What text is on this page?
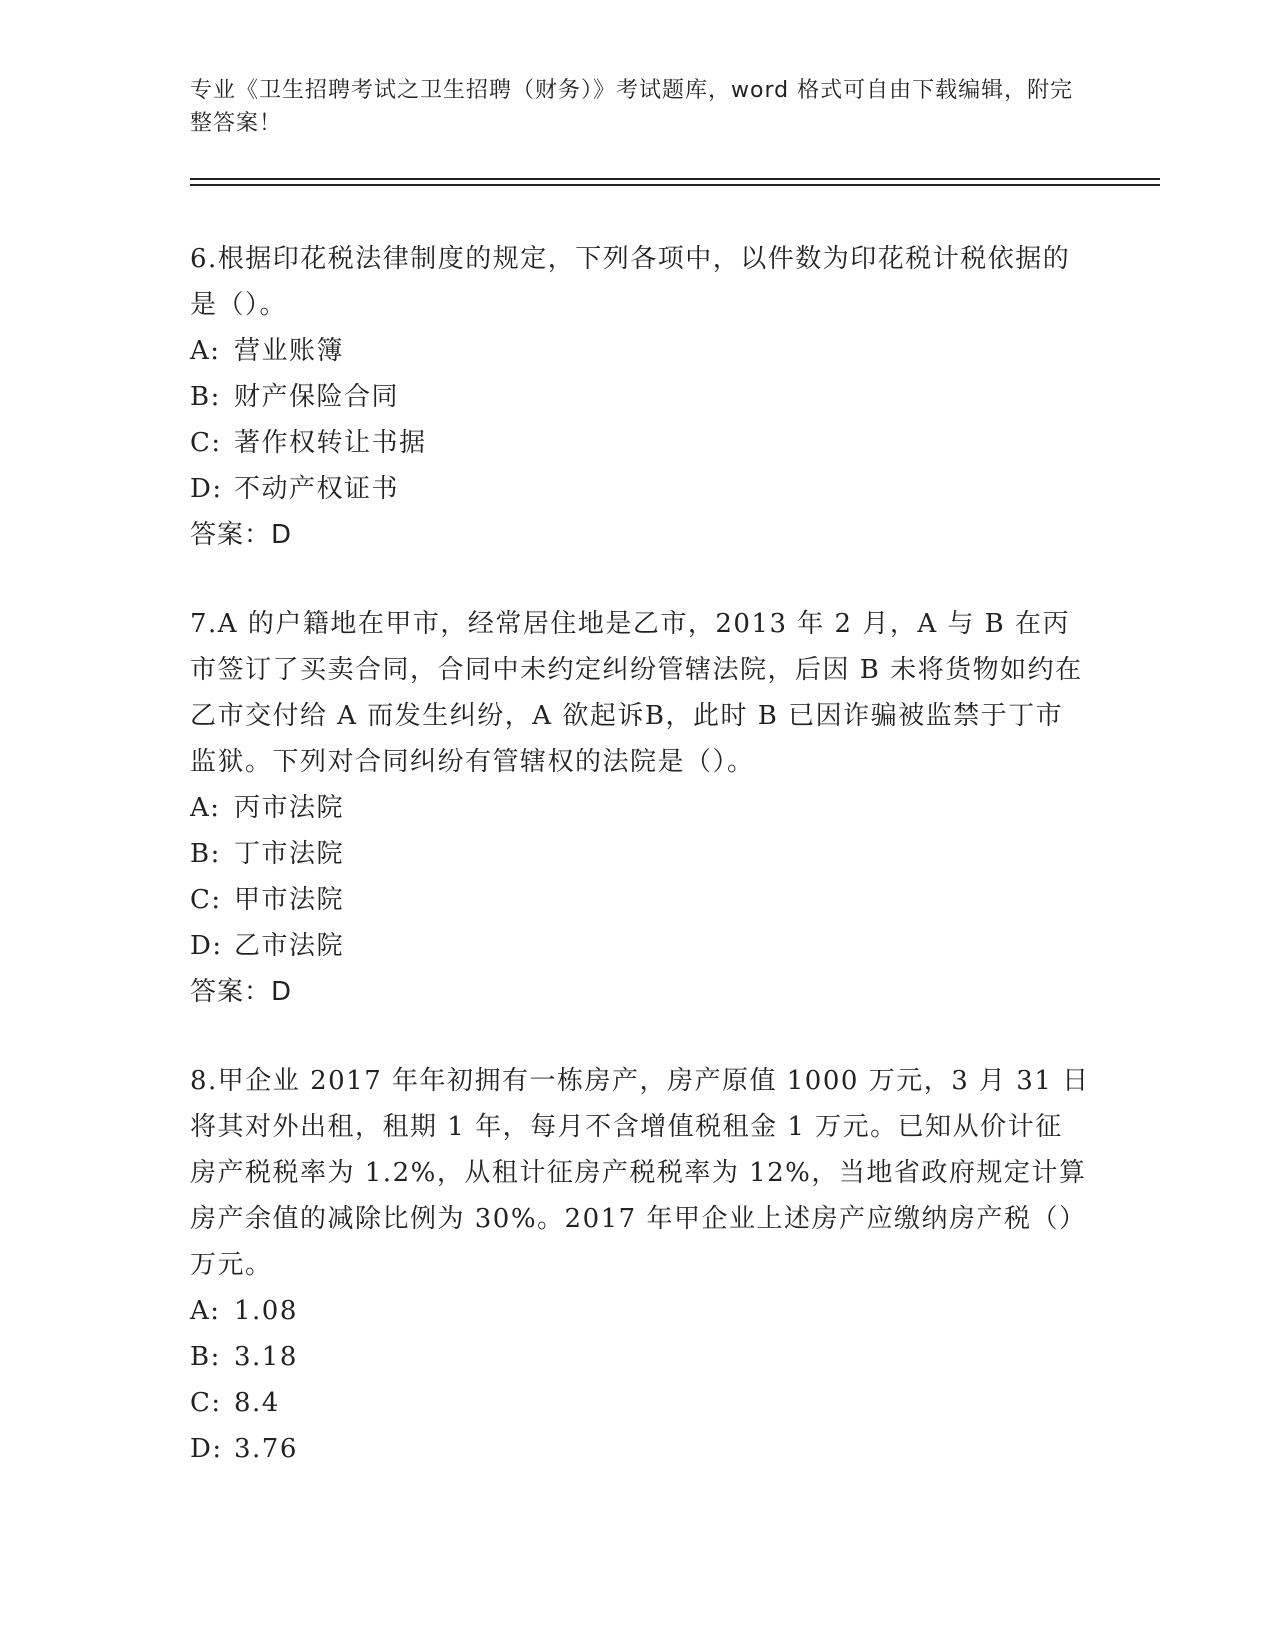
专业《卫生招聘考试之卫生招聘（财务）》考试题库，word 格式可自由下载编辑，附完整答案！

6.根据印花税法律制度的规定，下列各项中，以件数为印花税计税依据的是（）。

A: 营业账簿
B: 财产保险合同
C: 著作权转让书据
D: 不动产权证书

答案：D

7.A 的户籍地在甲市，经常居住地是乙市，2013 年 2 月，A 与 B 在丙市签订了买卖合同，合同中未约定纠纷管辖法院，后因 B 未将货物如约在乙市交付给 A 而发生纠纷，A 欲起诉B，此时 B 已因诈骗被监禁于丁市监狱。下列对合同纠纷有管辖权的法院是（）。

A: 丙市法院
B: 丁市法院
C: 甲市法院
D: 乙市法院

答案：D

8.甲企业 2017 年年初拥有一栋房产，房产原值 1000 万元，3 月 31 日将其对外出租，租期 1 年，每月不含增值税租金 1 万元。已知从价计征房产税税率为 1.2%，从租计征房产税税率为 12%，当地省政府规定计算房产余值的减除比例为 30%。2017 年甲企业上述房产应缴纳房产税（）万元。

A: 1.08
B: 3.18
C: 8.4
D: 3.76
